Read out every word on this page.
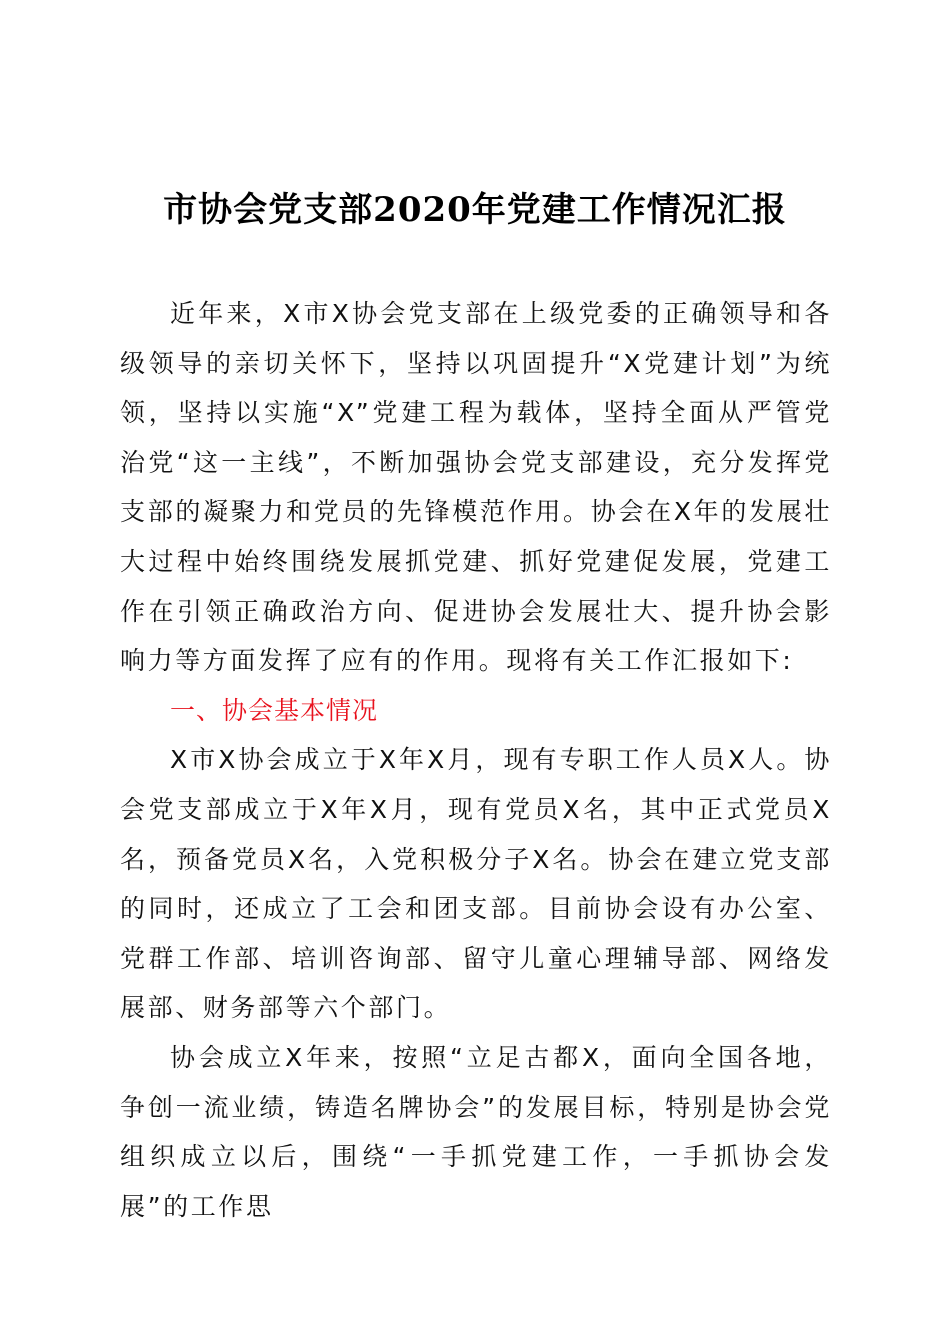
市协会党支部2020年党建工作情况汇报

近年来，X市X协会党支部在上级党委的正确领导和各级领导的亲切关怀下，坚持以巩固提升“X党建计划”为统领，坚持以实施“X”党建工程为载体，坚持全面从严管党治党“这一主线”，不断加强协会党支部建设，充分发挥党支部的凝聚力和党员的先锋模范作用。协会在X年的发展壮大过程中始终围绕发展抓党建、抓好党建促发展，党建工作在引领正确政治方向、促进协会发展壮大、提升协会影响力等方面发挥了应有的作用。现将有关工作汇报如下:

一、协会基本情况

X市X协会成立于X年X月，现有专职工作人员X人。协会党支部成立于X年X月，现有党员X名，其中正式党员X名，预备党员X名，入党积极分子X名。协会在建立党支部的同时，还成立了工会和团支部。目前协会设有办公室、党群工作部、培训咨询部、留守儿童心理辅导部、网络发展部、财务部等六个部门。

协会成立X年来，按照“立足古都X，面向全国各地，争创一流业绩，铸造名牌协会”的发展目标，特别是协会党组织成立以后，围绕“一手抓党建工作，一手抓协会发展”的工作思
